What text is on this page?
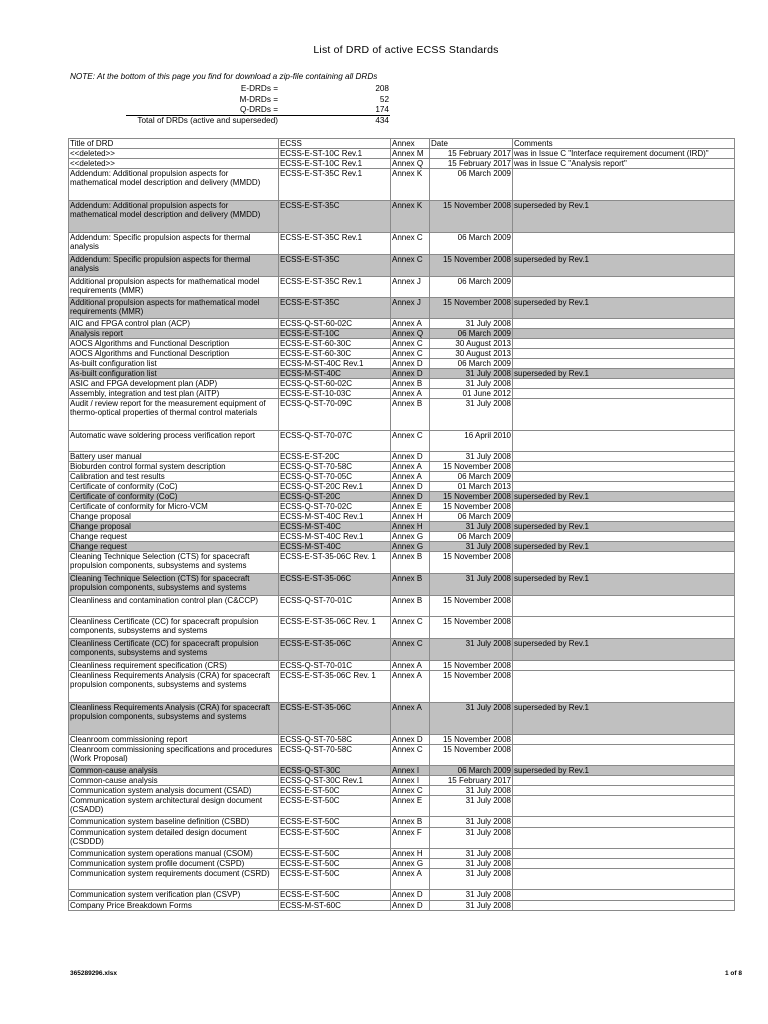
List of DRD of active ECSS Standards
NOTE: At the bottom of this page you find for download a zip-file containing all DRDs
E-DRDs =	208
M-DRDs =	52
Q-DRDs =	174
Total of DRDs (active and superseded)	434
Title of DRD	ECSS	Annex	Date	Comments
<<deleted>>	ECSS-E-ST-10C Rev.1	Annex M	15 February 2017	was in Issue C "Interface requirement document (IRD)"
<<deleted>>	ECSS-E-ST-10C Rev.1	Annex Q	15 February 2017	was in Issue C "Analysis report"
Addendum: Additional propulsion aspects for mathematical model description and delivery (MMDD)	ECSS-E-ST-35C Rev.1	Annex K	06 March 2009	
Addendum: Additional propulsion aspects for mathematical model description and delivery (MMDD)	ECSS-E-ST-35C	Annex K	15 November 2008	superseded by Rev.1
Addendum: Specific propulsion aspects for thermal analysis	ECSS-E-ST-35C Rev.1	Annex C	06 March 2009	
Addendum: Specific propulsion aspects for thermal analysis	ECSS-E-ST-35C	Annex C	15 November 2008	superseded by Rev.1
Additional propulsion aspects for mathematical model requirements (MMR)	ECSS-E-ST-35C Rev.1	Annex J	06 March 2009	
Additional propulsion aspects for mathematical model requirements (MMR)	ECSS-E-ST-35C	Annex J	15 November 2008	superseded by Rev.1
AIC and FPGA control plan (ACP)	ECSS-Q-ST-60-02C	Annex A	31 July 2008	
Analysis report	ECSS-E-ST-10C	Annex Q	06 March 2009	
AOCS Algorithms and Functional Description	ECSS-E-ST-60-30C	Annex C	30 August 2013	
AOCS Algorithms and Functional Description	ECSS-E-ST-60-30C	Annex C	30 August 2013	
As-built configuration list	ECSS-M-ST-40C Rev.1	Annex D	06 March 2009	
As-built configuration list	ECSS-M-ST-40C	Annex D	31 July 2008	superseded by Rev.1
ASIC and FPGA development plan (ADP)	ECSS-Q-ST-60-02C	Annex B	31 July 2008	
Assembly, integration and test plan (AITP)	ECSS-E-ST-10-03C	Annex A	01 June 2012	
Audit / review report for the measurement equipment of thermo-optical properties of thermal control materials	ECSS-Q-ST-70-09C	Annex B	31 July 2008	
Automatic wave soldering process verification report	ECSS-Q-ST-70-07C	Annex C	16 April 2010	
Battery user manual	ECSS-E-ST-20C	Annex D	31 July 2008	
Bioburden control formal system description	ECSS-Q-ST-70-58C	Annex A	15 November 2008	
Calibration and test results	ECSS-Q-ST-70-05C	Annex A	06 March 2009	
Certificate of conformity (CoC)	ECSS-Q-ST-20C Rev.1	Annex D	01 March 2013	
Certificate of conformity (CoC)	ECSS-Q-ST-20C	Annex D	15 November 2008	superseded by Rev.1
Certificate of conformity for Micro-VCM	ECSS-Q-ST-70-02C	Annex E	15 November 2008	
Change proposal	ECSS-M-ST-40C Rev.1	Annex H	06 March 2009	
Change proposal	ECSS-M-ST-40C	Annex H	31 July 2008	superseded by Rev.1
Change request	ECSS-M-ST-40C Rev.1	Annex G	06 March 2009	
Change request	ECSS-M-ST-40C	Annex G	31 July 2008	superseded by Rev.1
Cleaning Technique Selection (CTS) for spacecraft propulsion components, subsystems and systems	ECSS-E-ST-35-06C Rev. 1	Annex B	15 November 2008	
Cleaning Technique Selection (CTS) for spacecraft propulsion components, subsystems and systems	ECSS-E-ST-35-06C	Annex B	31 July 2008	superseded by Rev.1
Cleanliness and contamination control plan (C&CCP)	ECSS-Q-ST-70-01C	Annex B	15 November 2008	
Cleanliness Certificate (CC) for spacecraft propulsion components, subsystems and systems	ECSS-E-ST-35-06C Rev. 1	Annex C	15 November 2008	
Cleanliness Certificate (CC) for spacecraft propulsion components, subsystems and systems	ECSS-E-ST-35-06C	Annex C	31 July 2008	superseded by Rev.1
Cleanliness requirement specification (CRS)	ECSS-Q-ST-70-01C	Annex A	15 November 2008	
Cleanliness Requirements Analysis (CRA) for spacecraft propulsion components, subsystems and systems	ECSS-E-ST-35-06C Rev. 1	Annex A	15 November 2008	
Cleanliness Requirements Analysis (CRA) for spacecraft propulsion components, subsystems and systems	ECSS-E-ST-35-06C	Annex A	31 July 2008	superseded by Rev.1
Cleanroom commissioning report	ECSS-Q-ST-70-58C	Annex D	15 November 2008	
Cleanroom commissioning specifications and procedures (Work Proposal)	ECSS-Q-ST-70-58C	Annex C	15 November 2008	
Common-cause analysis	ECSS-Q-ST-30C	Annex I	06 March 2009	superseded by Rev.1
Common-cause analysis	ECSS-Q-ST-30C Rev.1	Annex I	15 February 2017	
Communication system analysis document (CSAD)	ECSS-E-ST-50C	Annex C	31 July 2008	
Communication system architectural design document (CSADD)	ECSS-E-ST-50C	Annex E	31 July 2008	
Communication system baseline definition (CSBD)	ECSS-E-ST-50C	Annex B	31 July 2008	
Communication system detailed design document (CSDDD)	ECSS-E-ST-50C	Annex F	31 July 2008	
Communication system operations manual (CSOM)	ECSS-E-ST-50C	Annex H	31 July 2008	
Communication system profile document (CSPD)	ECSS-E-ST-50C	Annex G	31 July 2008	
Communication system requirements document (CSRD)	ECSS-E-ST-50C	Annex A	31 July 2008	
Communication system verification plan (CSVP)	ECSS-E-ST-50C	Annex D	31 July 2008	
Company Price Breakdown Forms	ECSS-M-ST-60C	Annex D	31 July 2008	
365289296.xlsx	1 of 8
